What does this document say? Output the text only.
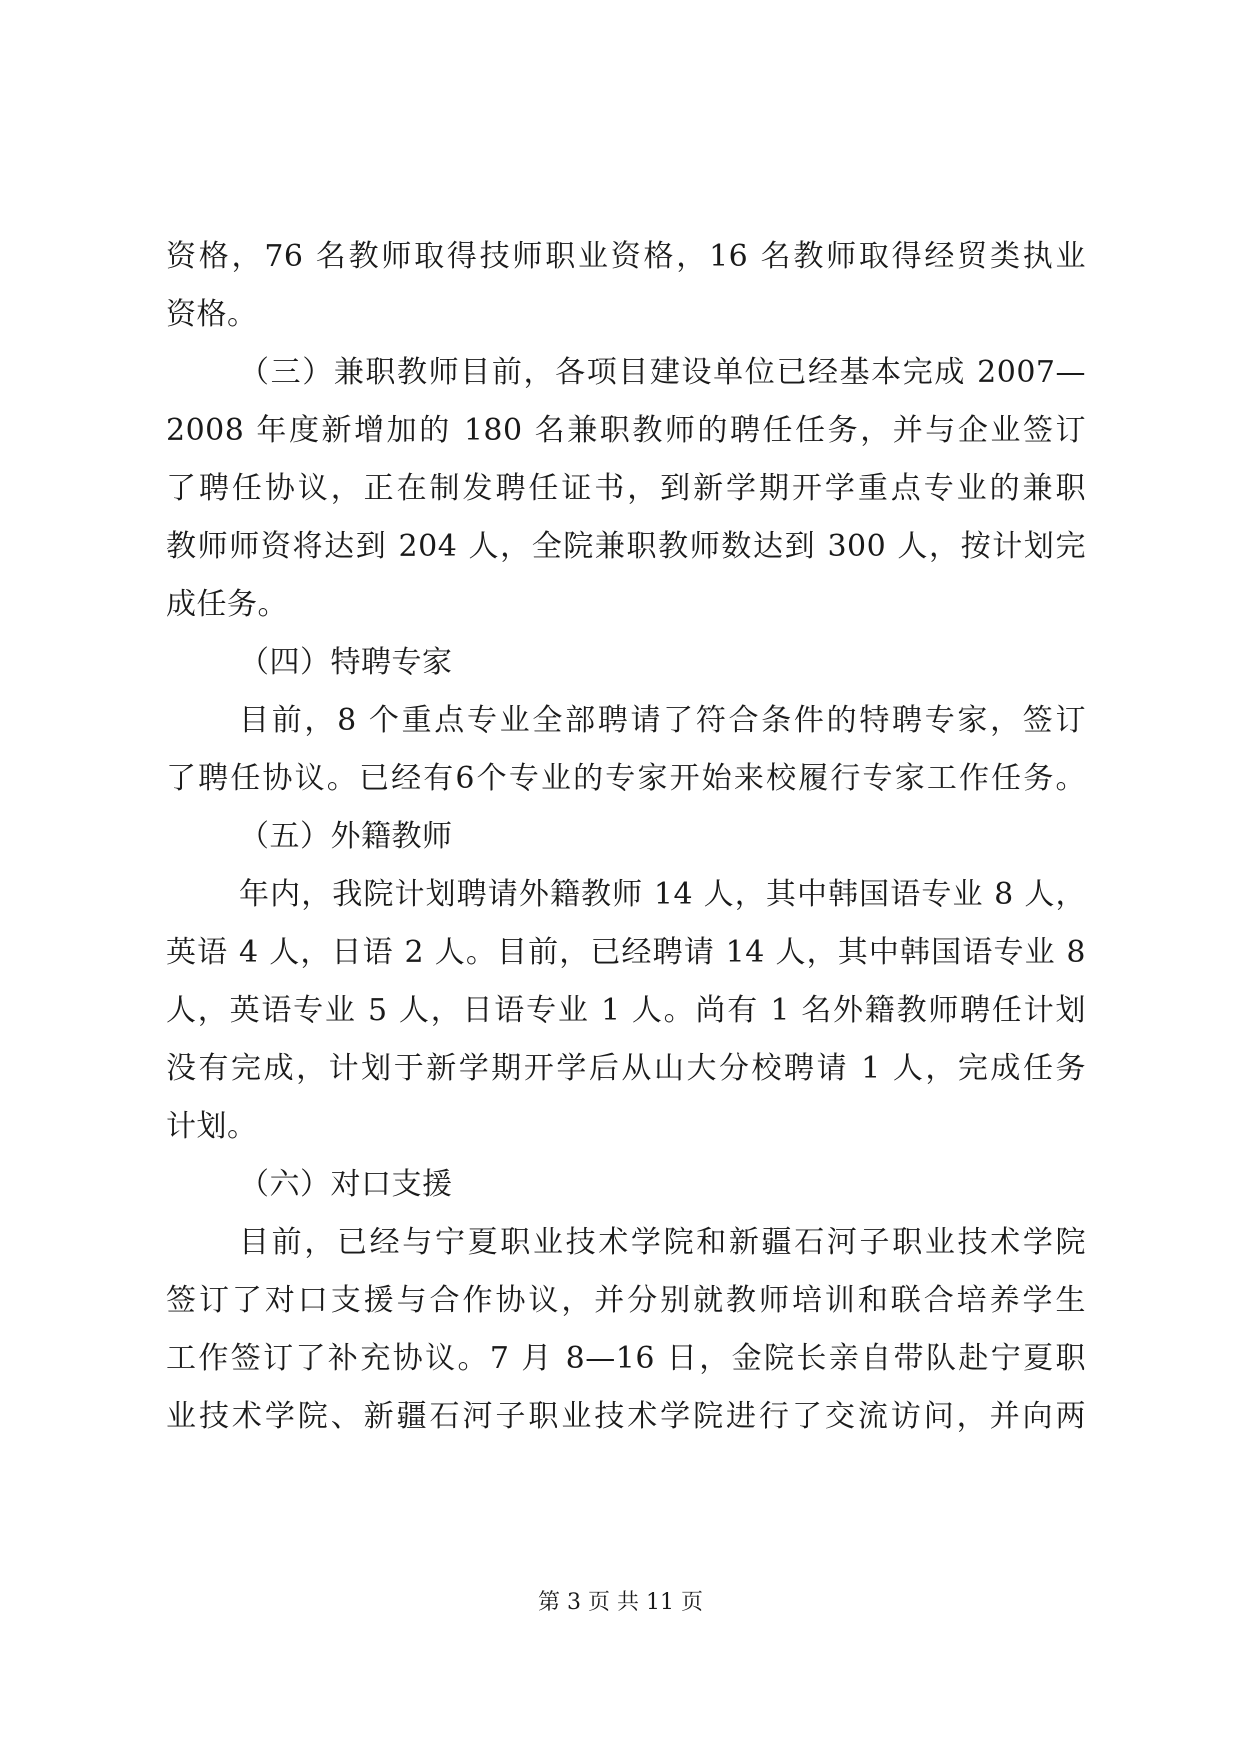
资格，76 名教师取得技师职业资格，16 名教师取得经贸类执业
资格。
（三）兼职教师目前，各项目建设单位已经基本完成 2007—
2008 年度新增加的 180 名兼职教师的聘任任务，并与企业签订
了聘任协议，正在制发聘任证书，到新学期开学重点专业的兼职
教师师资将达到 204 人，全院兼职教师数达到 300 人，按计划完
成任务。
（四）特聘专家
目前，8 个重点专业全部聘请了符合条件的特聘专家，签订
了聘任协议。已经有6个专业的专家开始来校履行专家工作任务。
（五）外籍教师
年内，我院计划聘请外籍教师 14 人，其中韩国语专业 8 人，
英语 4 人，日语 2 人。目前，已经聘请 14 人，其中韩国语专业 8
人，英语专业 5 人，日语专业 1 人。尚有 1 名外籍教师聘任计划
没有完成，计划于新学期开学后从山大分校聘请 1 人，完成任务
计划。
（六）对口支援
目前，已经与宁夏职业技术学院和新疆石河子职业技术学院
签订了对口支援与合作协议，并分别就教师培训和联合培养学生
工作签订了补充协议。7 月 8—16 日，金院长亲自带队赴宁夏职
业技术学院、新疆石河子职业技术学院进行了交流访问，并向两
第 3 页 共 11 页
